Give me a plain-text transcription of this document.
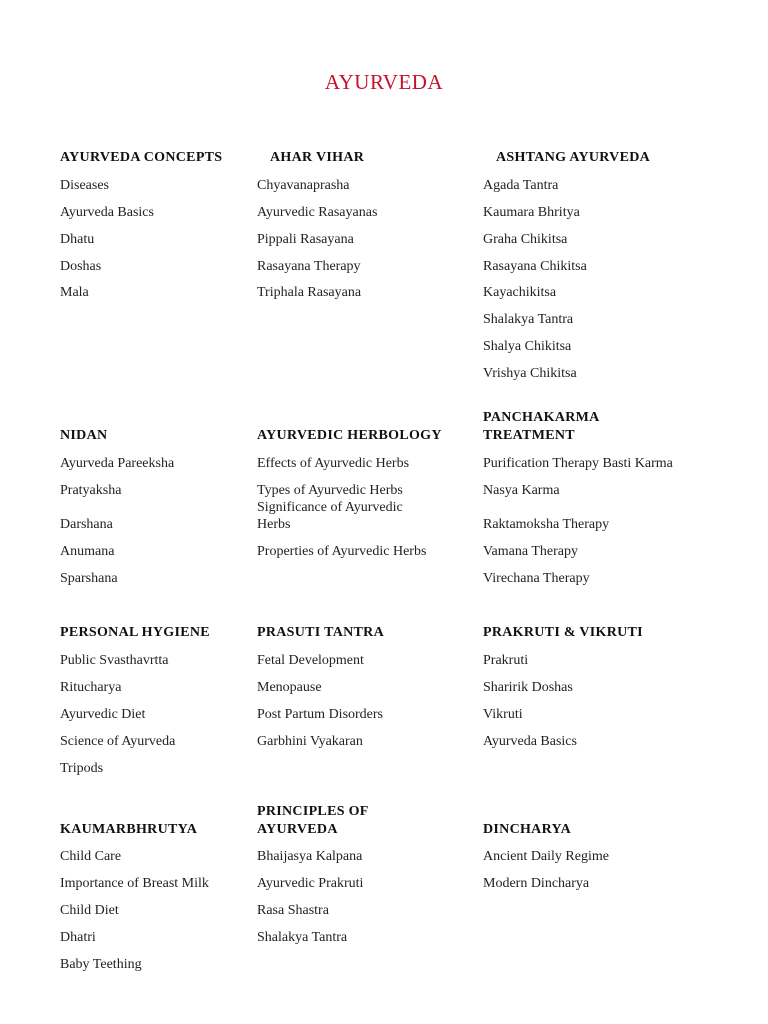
AYURVEDA
AYURVEDA CONCEPTS
Diseases
Ayurveda Basics
Dhatu
Doshas
Mala
AHAR VIHAR
Chyavanaprasha
Ayurvedic Rasayanas
Pippali Rasayana
Rasayana Therapy
Triphala Rasayana
ASHTANG AYURVEDA
Agada Tantra
Kaumara Bhritya
Graha Chikitsa
Rasayana Chikitsa
Kayachikitsa
Shalakya Tantra
Shalya Chikitsa
Vrishya Chikitsa
NIDAN
Ayurveda Pareeksha
Pratyaksha
Darshana
Anumana
Sparshana
AYURVEDIC HERBOLOGY
Effects of Ayurvedic Herbs
Types of Ayurvedic Herbs
Significance of Ayurvedic Herbs
Properties of Ayurvedic Herbs
PANCHAKARMA
TREATMENT
Purification Therapy Basti Karma
Nasya Karma
Raktamoksha Therapy
Vamana Therapy
Virechana Therapy
PERSONAL HYGIENE
Public Svasthavrtta
Ritucharya
Ayurvedic Diet
Science of Ayurveda
Tripods
PRASUTI TANTRA
Fetal Development
Menopause
Post Partum Disorders
Garbhini Vyakaran
PRAKRUTI & VIKRUTI
Prakruti
Sharirik Doshas
Vikruti
Ayurveda Basics
KAUMARBHRUTYA
Child Care
Importance of Breast Milk
Child Diet
Dhatri
Baby Teething
PRINCIPLES OF
AYURVEDA
Bhaijasya Kalpana
Ayurvedic Prakruti
Rasa Shastra
Shalakya Tantra
DINCHARYA
Ancient Daily Regime
Modern Dincharya
